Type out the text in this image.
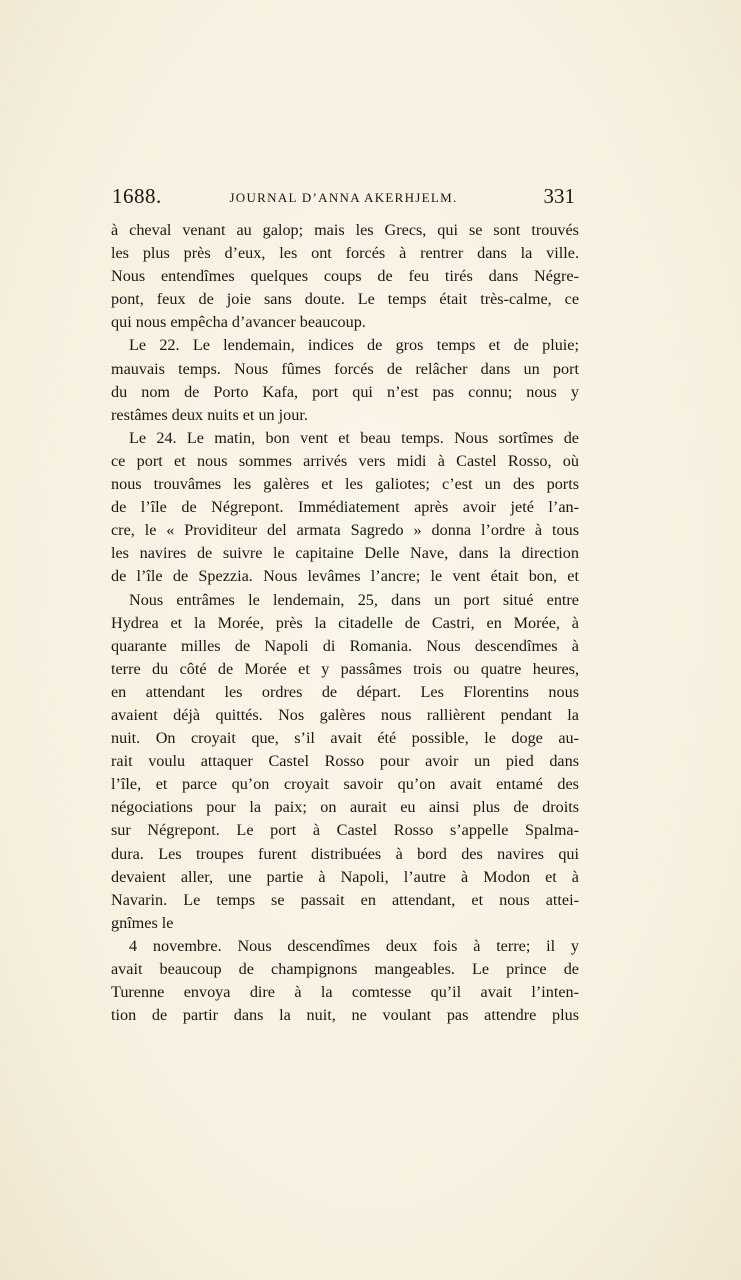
1688.	JOURNAL D’ANNA AKERHJELM.	331
à cheval venant au galop; mais les Grecs, qui se sont trouvés
les plus près d’eux, les ont forcés à rentrer dans la ville.
Nous entendîmes quelques coups de feu tirés dans Négre-
pont, feux de joie sans doute. Le temps était très-calme, ce
qui nous empêcha d’avancer beaucoup.
Le 22. Le lendemain, indices de gros temps et de pluie;
mauvais temps. Nous fûmes forcés de relâcher dans un port
du nom de Porto Kafa, port qui n’est pas connu; nous y
restâmes deux nuits et un jour.
Le 24. Le matin, bon vent et beau temps. Nous sortîmes de
ce port et nous sommes arrivés vers midi à Castel Rosso, où
nous trouvâmes les galères et les galiotes; c’est un des ports
de l’île de Négrepont. Immédiatement après avoir jeté l’an-
cre, le « Providiteur del armata Sagredo » donna l’ordre à tous
les navires de suivre le capitaine Delle Nave, dans la direction
de l’île de Spezzia. Nous levâmes l’ancre; le vent était bon, et
Nous entrâmes le lendemain, 25, dans un port situé entre
Hydrea et la Morée, près la citadelle de Castri, en Morée, à
quarante milles de Napoli di Romania. Nous descendîmes à
terre du côté de Morée et y passâmes trois ou quatre heures,
en attendant les ordres de départ. Les Florentins nous
avaient déjà quittés. Nos galères nous rallièrent pendant la
nuit. On croyait que, s’il avait été possible, le doge au-
rait voulu attaquer Castel Rosso pour avoir un pied dans
l’île, et parce qu’on croyait savoir qu’on avait entamé des
négociations pour la paix; on aurait eu ainsi plus de droits
sur Négrepont. Le port à Castel Rosso s’appelle Spalma-
dura. Les troupes furent distribuées à bord des navires qui
devaient aller, une partie à Napoli, l’autre à Modon et à
Navarin. Le temps se passait en attendant, et nous attei-
gnîmes le
4 novembre. Nous descendîmes deux fois à terre; il y
avait beaucoup de champignons mangeables. Le prince de
Turenne envoya dire à la comtesse qu’il avait l’inten-
tion de partir dans la nuit, ne voulant pas attendre plus
